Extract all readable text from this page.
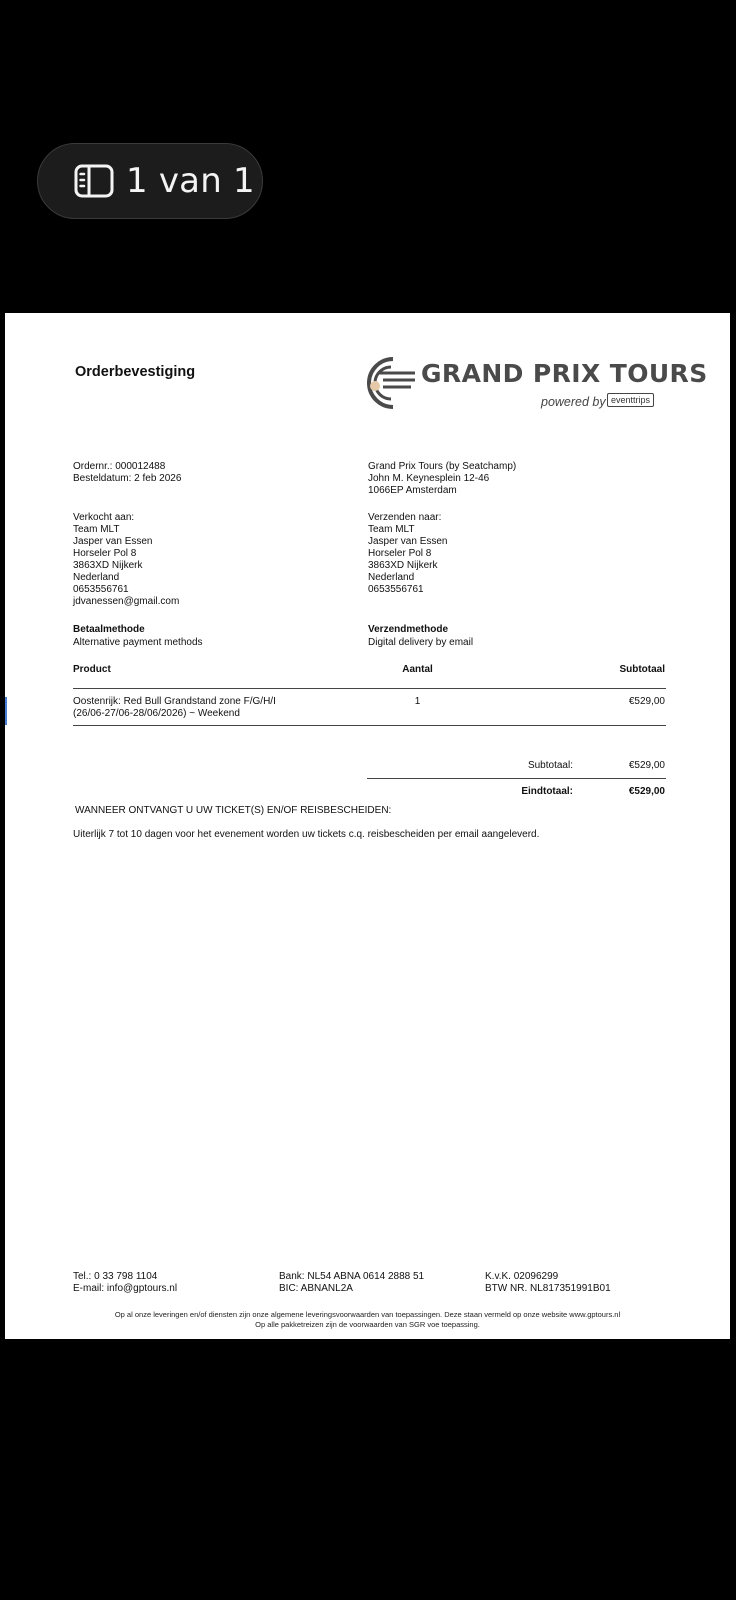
1 van 1
Orderbevestiging	GRAND PRIX TOURS
powered by eventtrips
Ordernr.: 000012488
Besteldatum: 2 feb 2026
Grand Prix Tours (by Seatchamp)
John M. Keynesplein 12-46
1066EP Amsterdam
Verkocht aan:
Team MLT
Jasper van Essen
Horseler Pol 8
3863XD Nijkerk
Nederland
0653556761
jdvanessen@gmail.com
Verzenden naar:
Team MLT
Jasper van Essen
Horseler Pol 8
3863XD Nijkerk
Nederland
0653556761
Betaalmethode
Alternative payment methods
Verzendmethode
Digital delivery by email
Product	Aantal	Subtotaal
Oostenrijk: Red Bull Grandstand zone F/G/H/I
(26/06-27/06-28/06/2026) ~ Weekend
1	€529,00
Subtotaal:	€529,00
Eindtotaal:	€529,00
WANNEER ONTVANGT U UW TICKET(S) EN/OF REISBESCHEIDEN:
Uiterlijk 7 tot 10 dagen voor het evenement worden uw tickets c.q. reisbescheiden per email aangeleverd.
Tel.: 0 33 798 1104
E-mail: info@gptours.nl
Bank: NL54 ABNA 0614 2888 51
BIC: ABNANL2A
K.v.K. 02096299
BTW NR. NL817351991B01
Op al onze leveringen en/of diensten zijn onze algemene leveringsvoorwaarden van toepassingen. Deze staan vermeld op onze website www.gptours.nl
Op alle pakketreizen zijn de voorwaarden van SGR voe toepassing.
